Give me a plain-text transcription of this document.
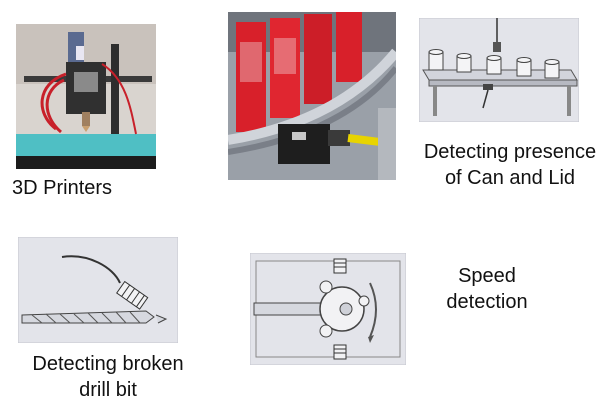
3D Printers
Detecting presence
of Can and Lid
Detecting broken
drill bit
Speed
detection
